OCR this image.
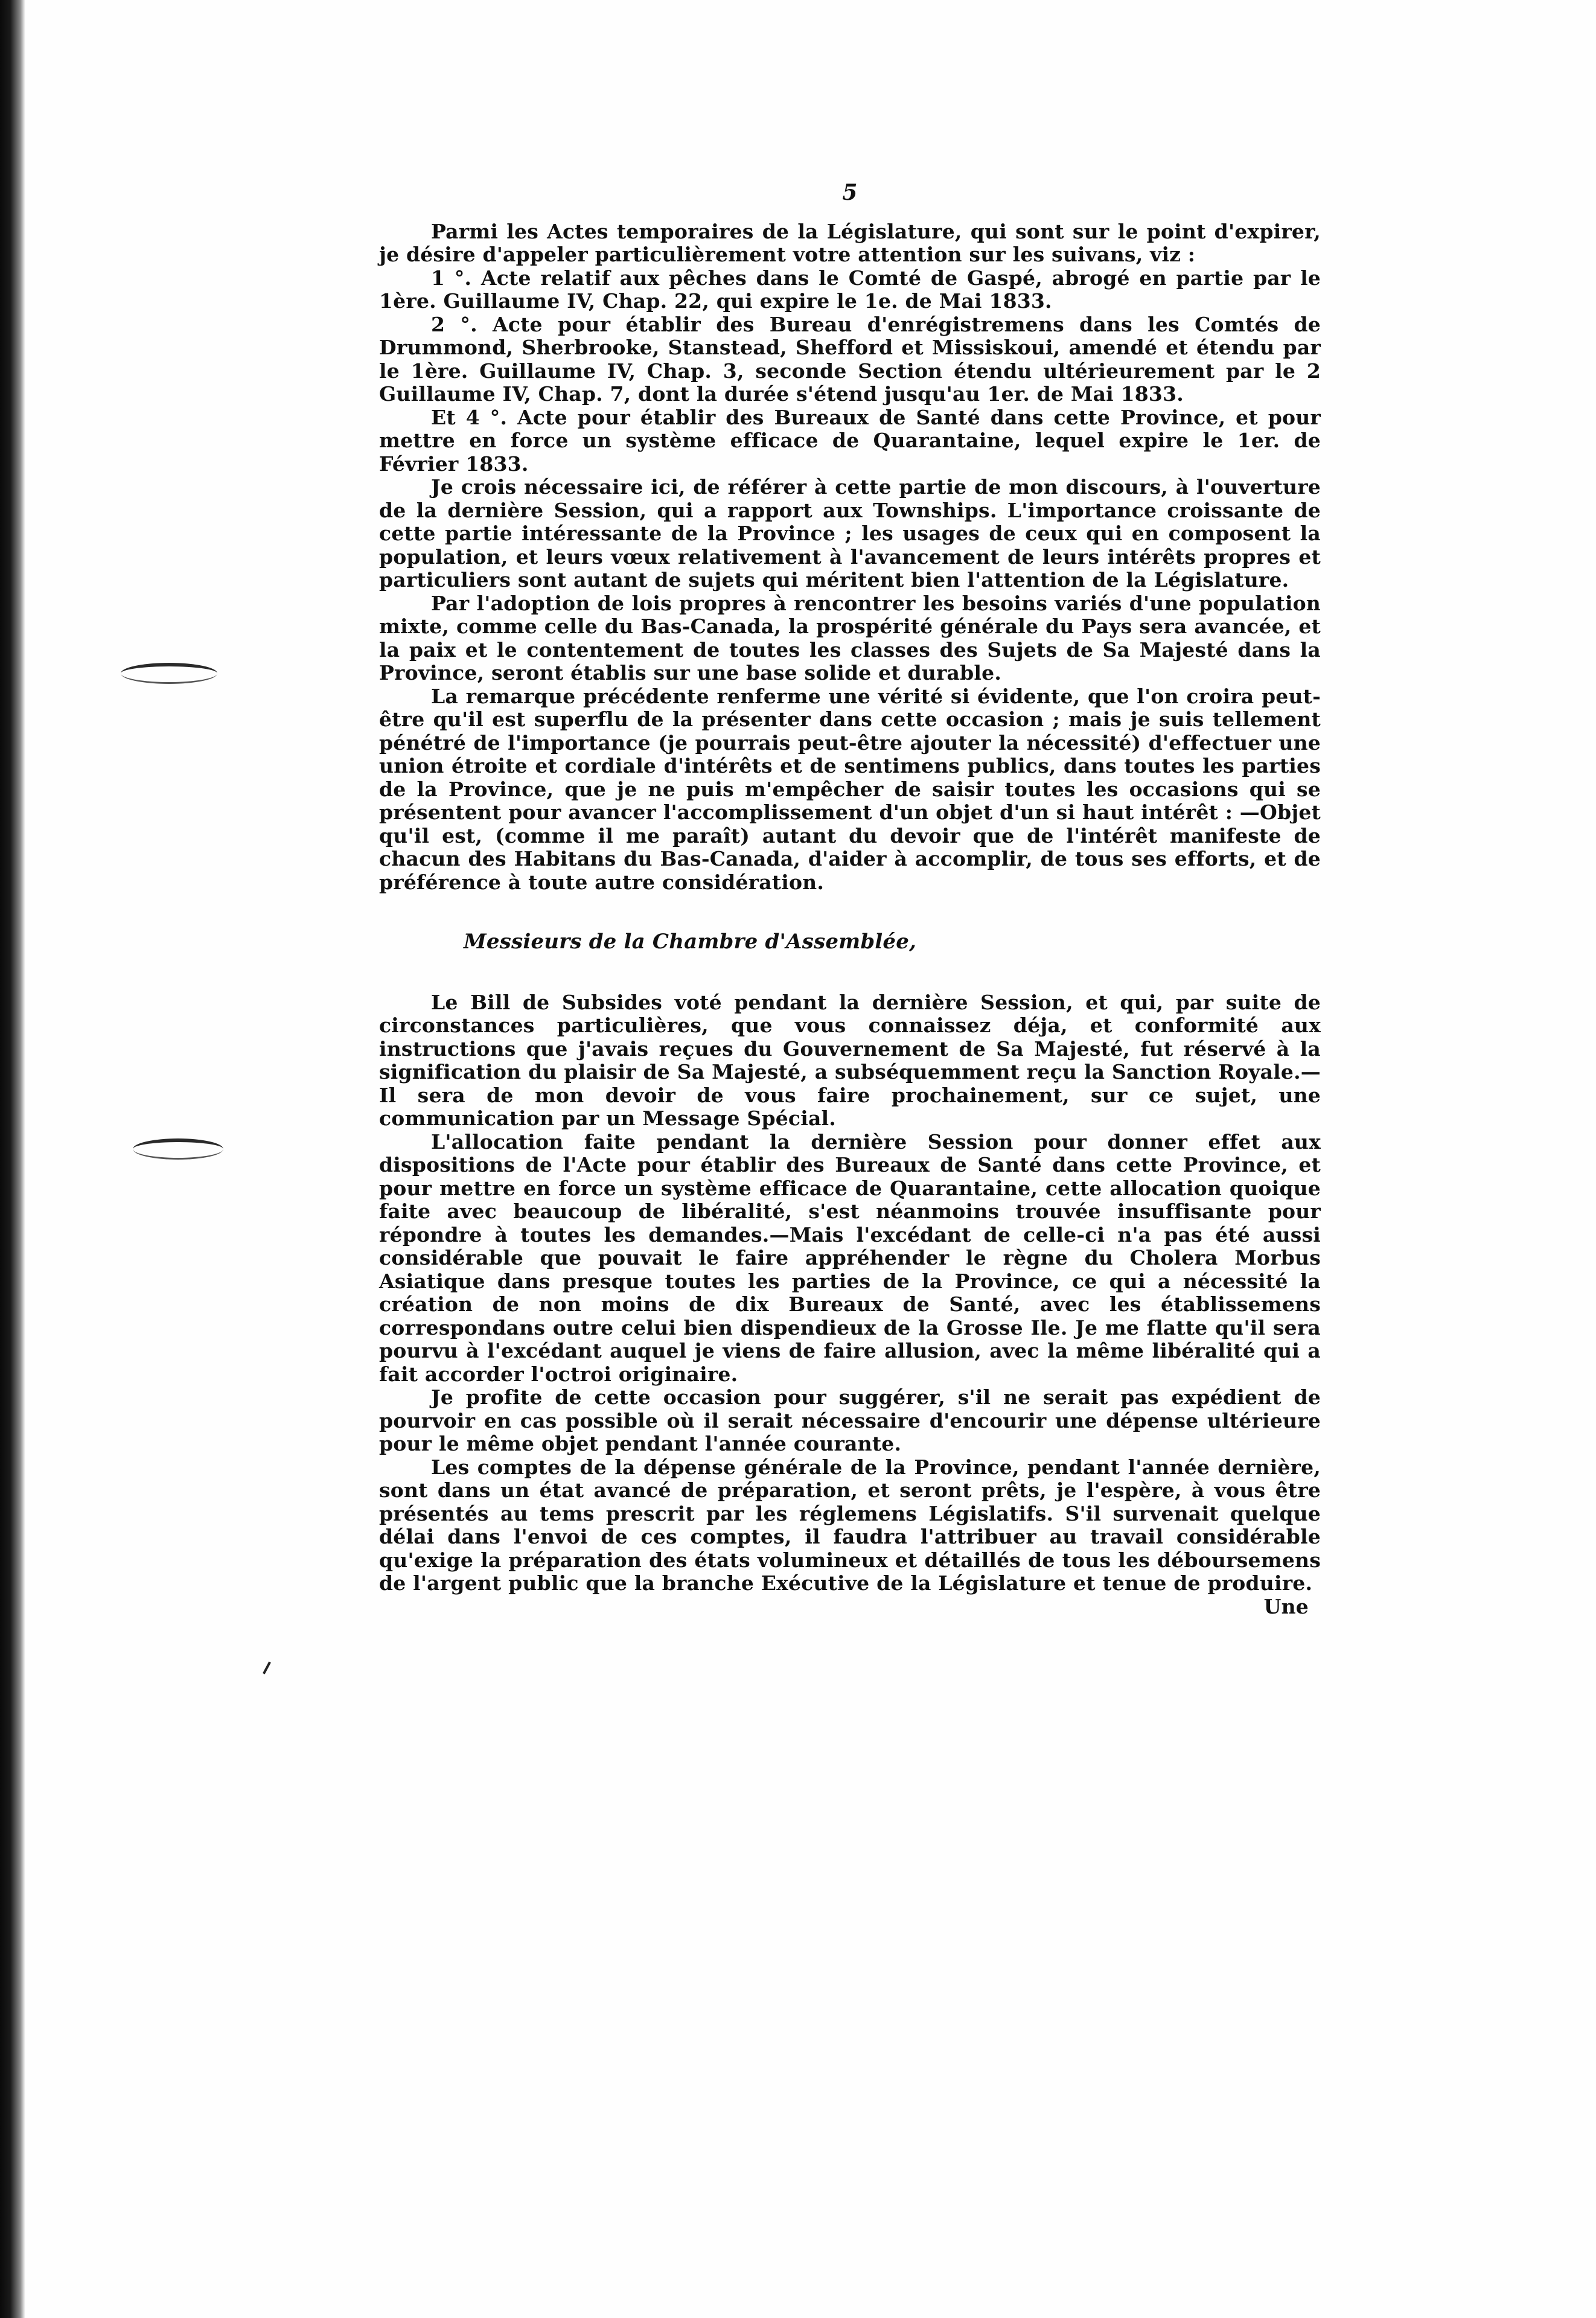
5

Parmi les Actes temporaires de la Législature, qui sont sur le point d'expirer, je désire d'appeler particulièrement votre attention sur les suivans, viz :

1 °. Acte relatif aux pêches dans le Comté de Gaspé, abrogé en partie par le 1ère. Guillaume IV, Chap. 22, qui expire le 1e. de Mai 1833.

2 °. Acte pour établir des Bureau d'enrégistremens dans les Comtés de Drummond, Sherbrooke, Stanstead, Shefford et Missiskoui, amendé et étendu par le 1ère. Guillaume IV, Chap. 3, seconde Section étendu ultérieurement par le 2 Guillaume IV, Chap. 7, dont la durée s'étend jusqu'au 1er. de Mai 1833.

Et 4 °. Acte pour établir des Bureaux de Santé dans cette Province, et pour mettre en force un système efficace de Quarantaine, lequel expire le 1er. de Février 1833.

Je crois nécessaire ici, de référer à cette partie de mon discours, à l'ouverture de la dernière Session, qui a rapport aux Townships. L'importance croissante de cette partie intéressante de la Province ; les usages de ceux qui en composent la population, et leurs vœux relativement à l'avancement de leurs intérêts propres et particuliers sont autant de sujets qui méritent bien l'attention de la Législature.

Par l'adoption de lois propres à rencontrer les besoins variés d'une population mixte, comme celle du Bas-Canada, la prospérité générale du Pays sera avancée, et la paix et le contentement de toutes les classes des Sujets de Sa Majesté dans la Province, seront établis sur une base solide et durable.

La remarque précédente renferme une vérité si évidente, que l'on croira peut-être qu'il est superflu de la présenter dans cette occasion ; mais je suis tellement pénétré de l'importance (je pourrais peut-être ajouter la nécessité) d'effectuer une union étroite et cordiale d'intérêts et de sentimens publics, dans toutes les parties de la Province, que je ne puis m'empêcher de saisir toutes les occasions qui se présentent pour avancer l'accomplissement d'un objet d'un si haut intérêt : —Objet qu'il est, (comme il me paraît) autant du devoir que de l'intérêt manifeste de chacun des Habitans du Bas-Canada, d'aider à accomplir, de tous ses efforts, et de préférence à toute autre considération.

Messieurs de la Chambre d'Assemblée,

Le Bill de Subsides voté pendant la dernière Session, et qui, par suite de circonstances particulières, que vous connaissez déja, et conformité aux instructions que j'avais reçues du Gouvernement de Sa Majesté, fut réservé à la signification du plaisir de Sa Majesté, a subséquemment reçu la Sanction Royale.—Il sera de mon devoir de vous faire prochainement, sur ce sujet, une communication par un Message Spécial.

L'allocation faite pendant la dernière Session pour donner effet aux dispositions de l'Acte pour établir des Bureaux de Santé dans cette Province, et pour mettre en force un système efficace de Quarantaine, cette allocation quoique faite avec beaucoup de libéralité, s'est néanmoins trouvée insuffisante pour répondre à toutes les demandes.—Mais l'excédant de celle-ci n'a pas été aussi considérable que pouvait le faire appréhender le règne du Cholera Morbus Asiatique dans presque toutes les parties de la Province, ce qui a nécessité la création de non moins de dix Bureaux de Santé, avec les établissemens correspondans outre celui bien dispendieux de la Grosse Ile. Je me flatte qu'il sera pourvu à l'excédant auquel je viens de faire allusion, avec la même libéralité qui a fait accorder l'octroi originaire.

Je profite de cette occasion pour suggérer, s'il ne serait pas expédient de pourvoir en cas possible où il serait nécessaire d'encourir une dépense ultérieure pour le même objet pendant l'année courante.

Les comptes de la dépense générale de la Province, pendant l'année dernière, sont dans un état avancé de préparation, et seront prêts, je l'espère, à vous être présentés au tems prescrit par les réglemens Législatifs. S'il survenait quelque délai dans l'envoi de ces comptes, il faudra l'attribuer au travail considérable qu'exige la préparation des états volumineux et détaillés de tous les déboursemens de l'argent public que la branche Exécutive de la Législature et tenue de produire.

Une
